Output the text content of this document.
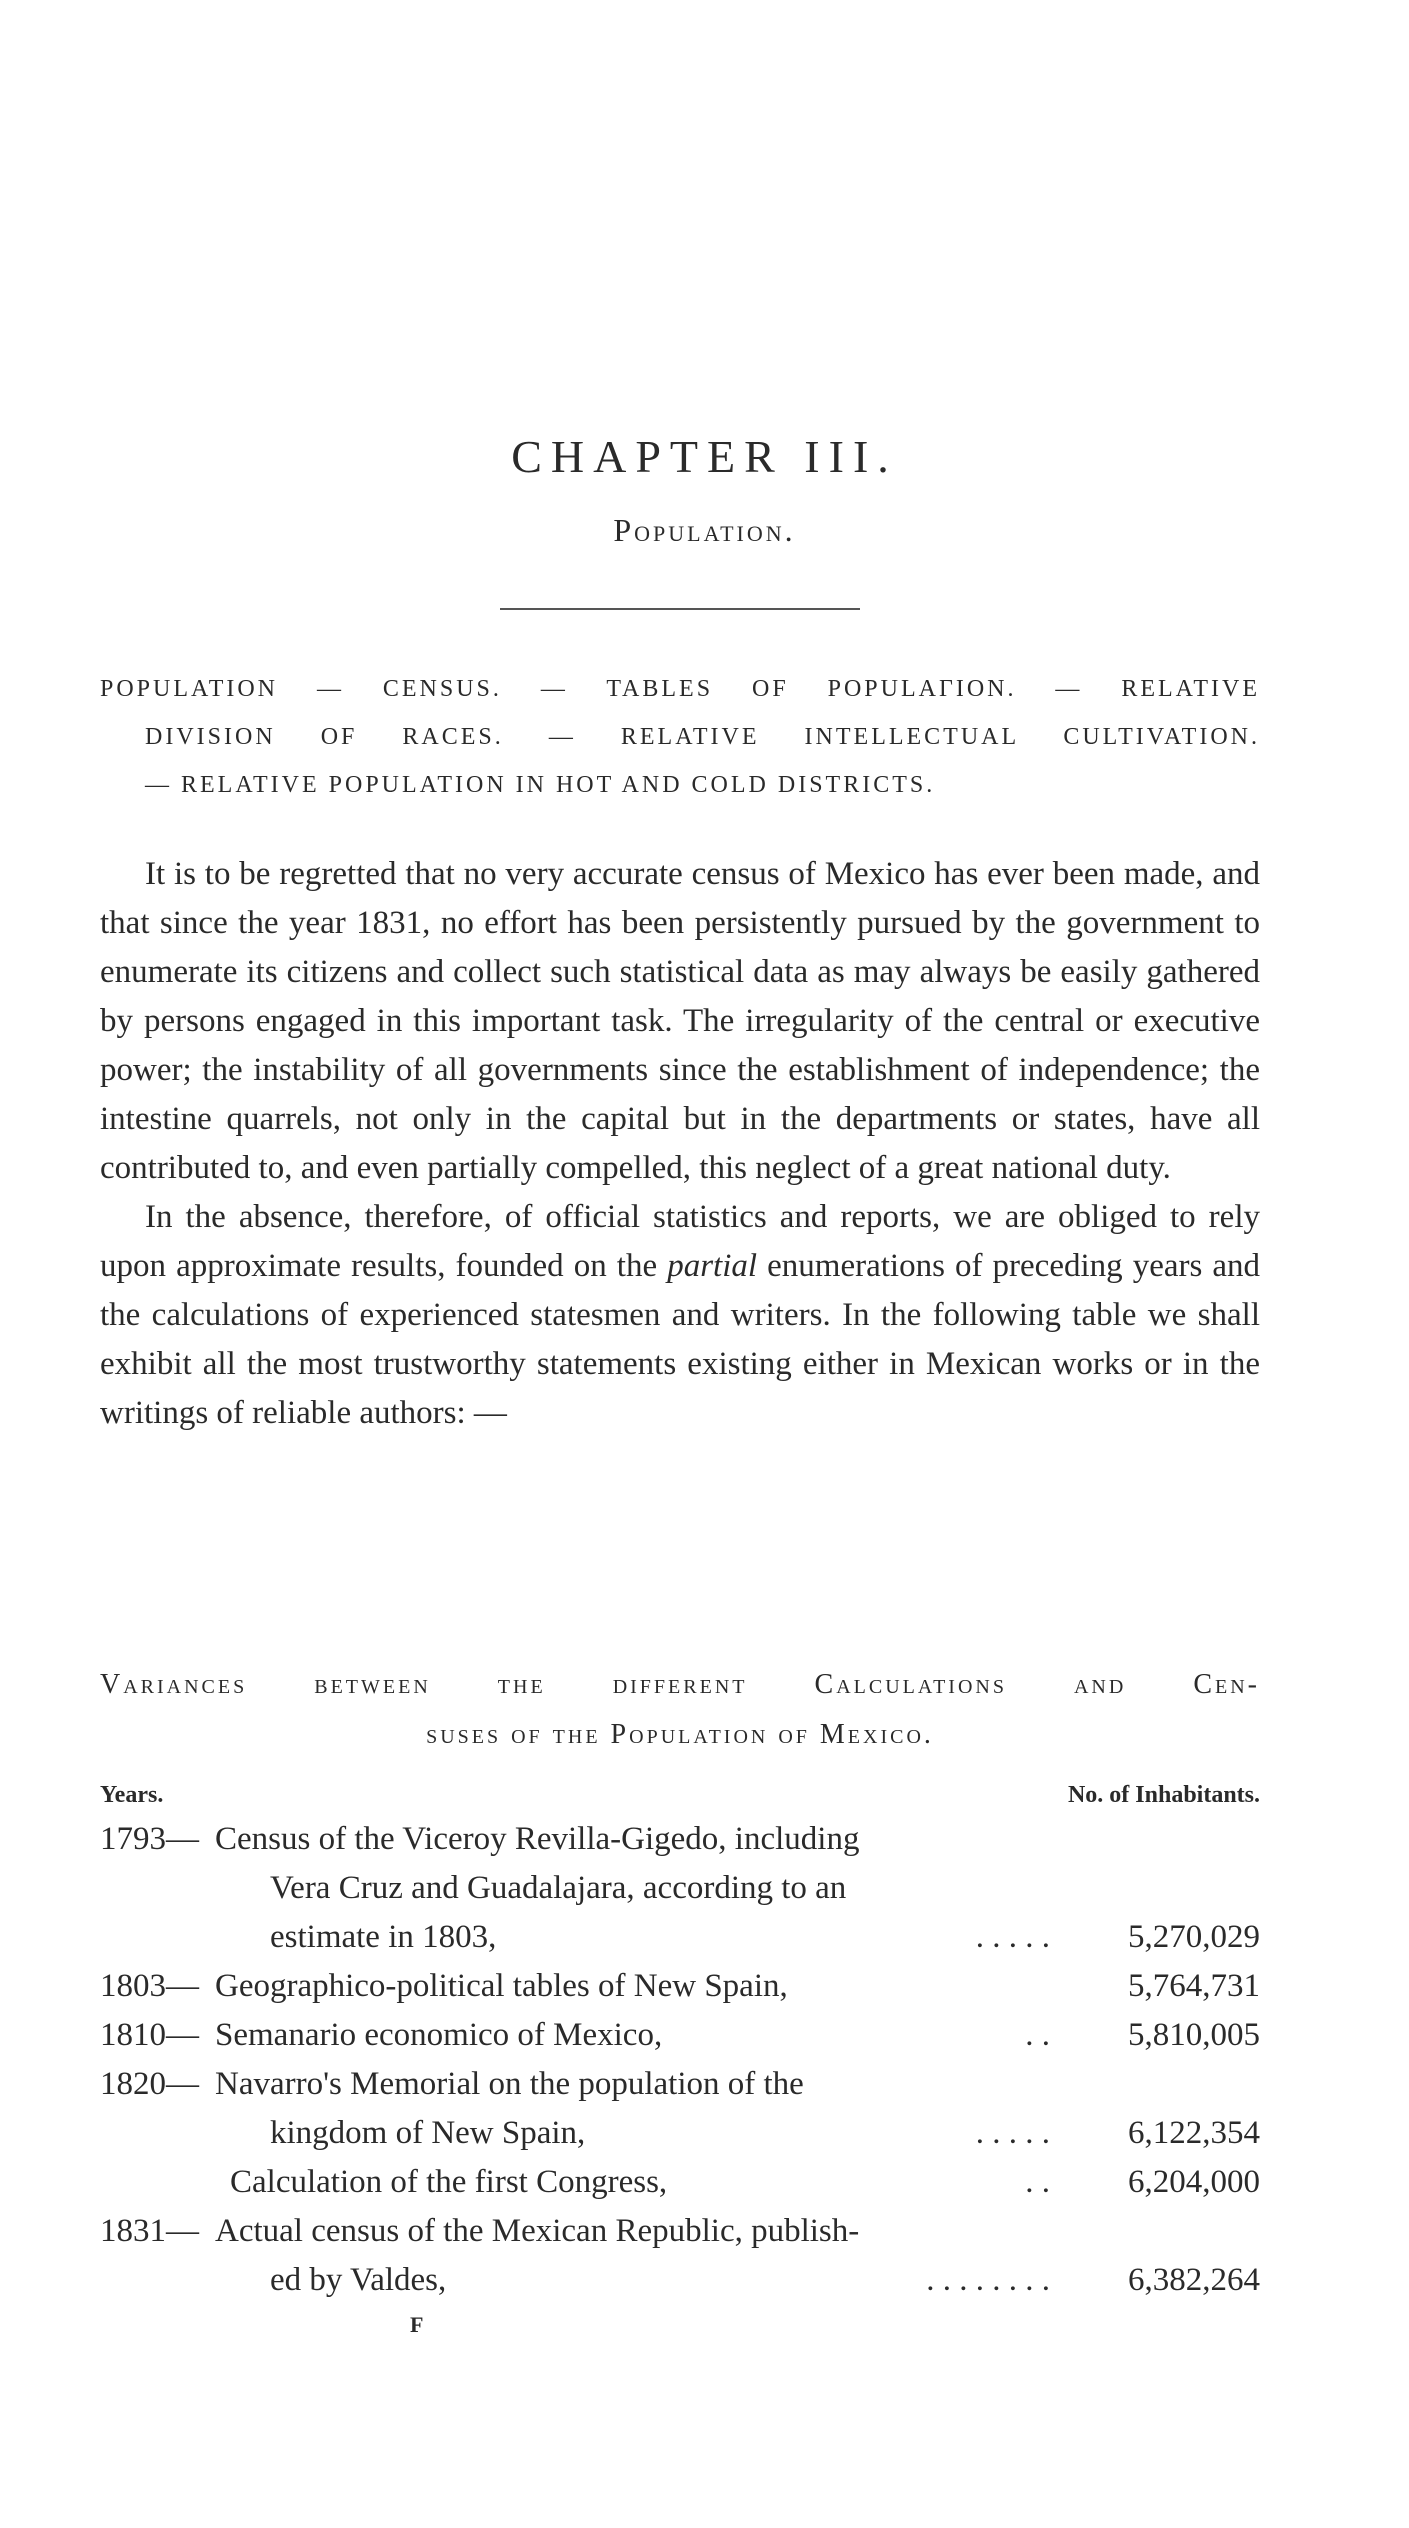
CHAPTER III.
Population.

POPULATION — CENSUS. — TABLES OF POPULAΓION. — RELATIVE

DIVISION OF RACES. — RELATIVE INTELLECTUAL CULTIVATION.

— RELATIVE POPULATION IN HOT AND COLD DISTRICTS.

It is to be regretted that no very accurate census of Mexico has ever been made, and that since the year 1831, no effort has been persistently pursued by the government to enumerate its citizens and collect such statistical data as may always be easily gathered by persons engaged in this important task. The irregularity of the central or executive power; the instability of all governments since the establishment of independence; the intestine quarrels, not only in the capital but in the departments or states, have all contributed to, and even partially compelled, this neglect of a great national duty.

In the absence, therefore, of official statistics and reports, we are obliged to rely upon approximate results, founded on the partial enumerations of preceding years and the calculations of experienced statesmen and writers. In the following table we shall exhibit all the most trustworthy statements existing either in Mexican works or in the writings of reliable authors: —

Variances between the different Calculations and Cen-
suses of the Population of Mexico.
Years.	No. of Inhabitants.
1793— Census of the Viceroy Revilla-Gigedo, including
Vera Cruz and Guadalajara, according to an
estimate in 1803,	. . . . .	5,270,029
1803— Geographico-political tables of New Spain,	5,764,731
1810— Semanario economico of Mexico,	. .	5,810,005
1820— Navarro's Memorial on the population of the
kingdom of New Spain,	. . . . .	6,122,354
Calculation of the first Congress,	. .	6,204,000
1831— Actual census of the Mexican Republic, publish-
ed by Valdes,	. . . . . . . .	6,382,264
F
